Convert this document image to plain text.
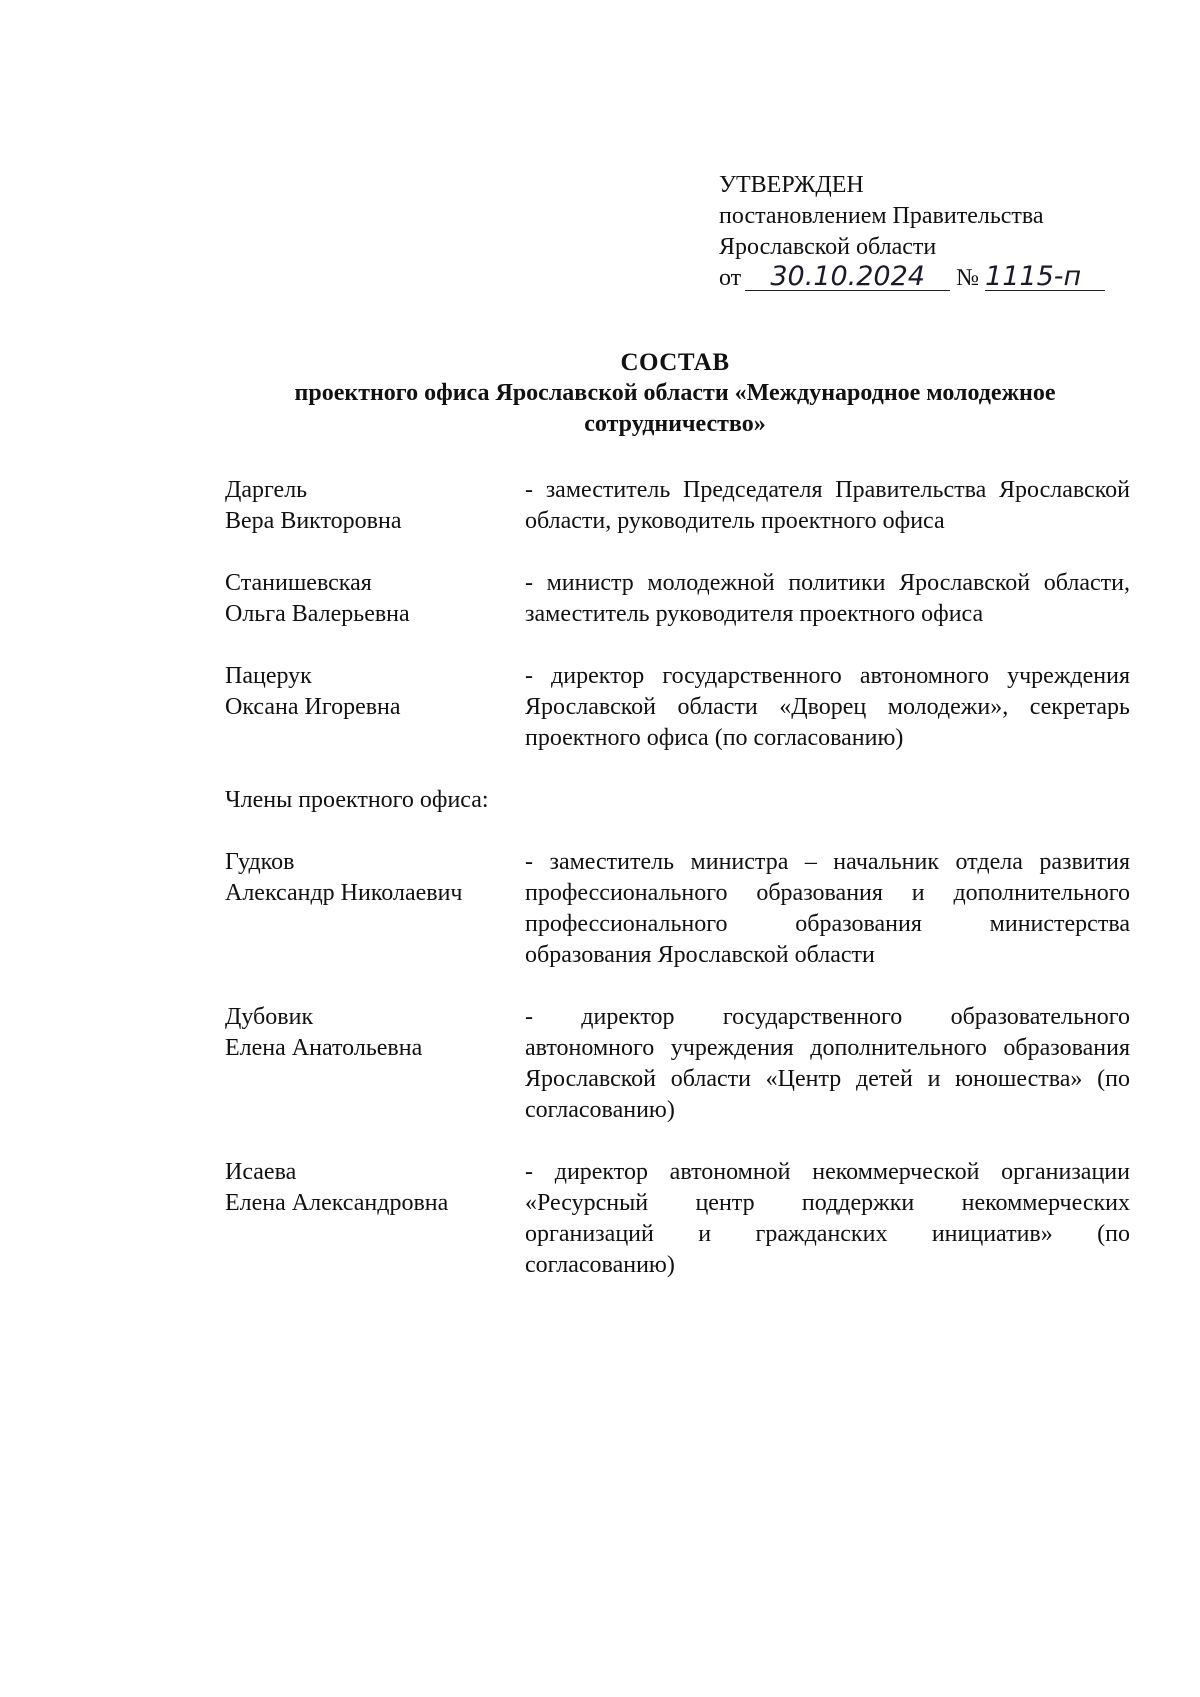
УТВЕРЖДЕН
постановлением Правительства
Ярославской области
от 30.10.2024 № 1115-п
СОСТАВ
проектного офиса Ярославской области «Международное молодежное
сотрудничество»
Даргель
Вера Викторовна
- заместитель Председателя Правительства Ярославской области, руководитель проектного офиса
Станишевская
Ольга Валерьевна
- министр молодежной политики Ярославской области, заместитель руководителя проектного офиса
Пацерук
Оксана Игоревна
- директор государственного автономного учреждения Ярославской области «Дворец молодежи», секретарь проектного офиса (по согласованию)
Члены проектного офиса:
Гудков
Александр Николаевич
- заместитель министра – начальник отдела развития профессионального образования и дополнительного профессионального образования министерства образования Ярославской области
Дубовик
Елена Анатольевна
- директор государственного образовательного автономного учреждения дополнительного образования Ярославской области «Центр детей и юношества» (по согласованию)
Исаева
Елена Александровна
- директор автономной некоммерческой организации «Ресурсный центр поддержки некоммерческих организаций и гражданских инициатив» (по согласованию)
